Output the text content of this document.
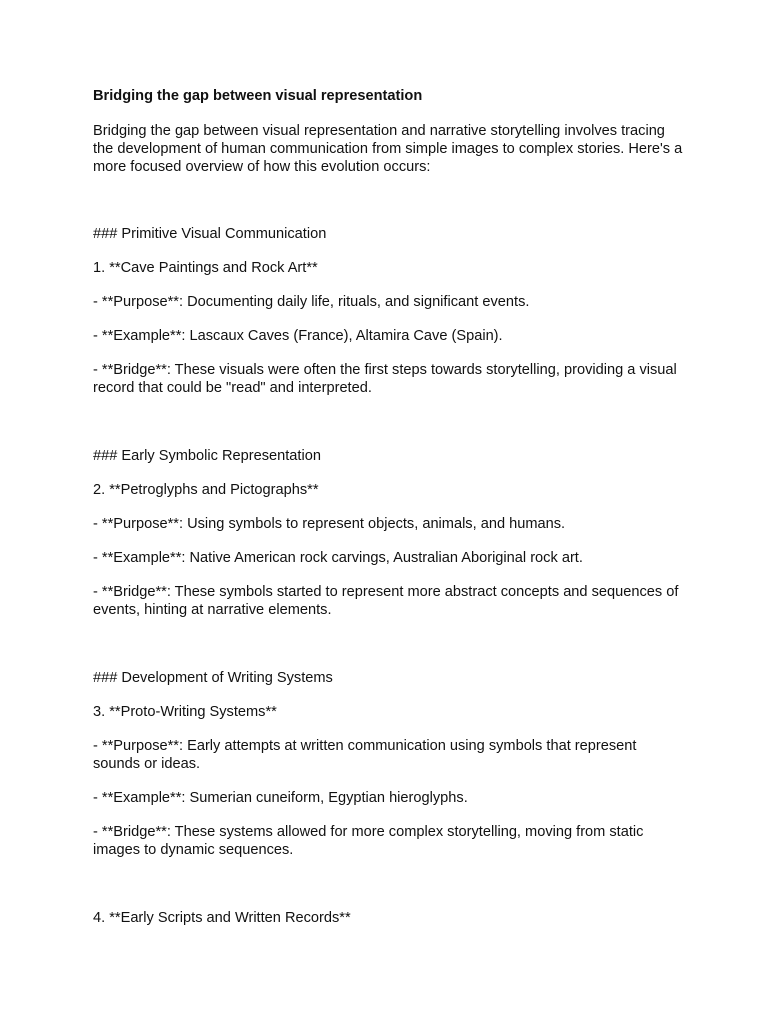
Bridging the gap between visual representation

Bridging the gap between visual representation and narrative storytelling involves tracing the development of human communication from simple images to complex stories. Here's a more focused overview of how this evolution occurs:

### Primitive Visual Communication

1. **Cave Paintings and Rock Art**

- **Purpose**: Documenting daily life, rituals, and significant events.

- **Example**: Lascaux Caves (France), Altamira Cave (Spain).

- **Bridge**: These visuals were often the first steps towards storytelling, providing a visual record that could be "read" and interpreted.

### Early Symbolic Representation

2. **Petroglyphs and Pictographs**

- **Purpose**: Using symbols to represent objects, animals, and humans.

- **Example**: Native American rock carvings, Australian Aboriginal rock art.

- **Bridge**: These symbols started to represent more abstract concepts and sequences of events, hinting at narrative elements.

### Development of Writing Systems

3. **Proto-Writing Systems**

- **Purpose**: Early attempts at written communication using symbols that represent sounds or ideas.

- **Example**: Sumerian cuneiform, Egyptian hieroglyphs.

- **Bridge**: These systems allowed for more complex storytelling, moving from static images to dynamic sequences.

4. **Early Scripts and Written Records**
